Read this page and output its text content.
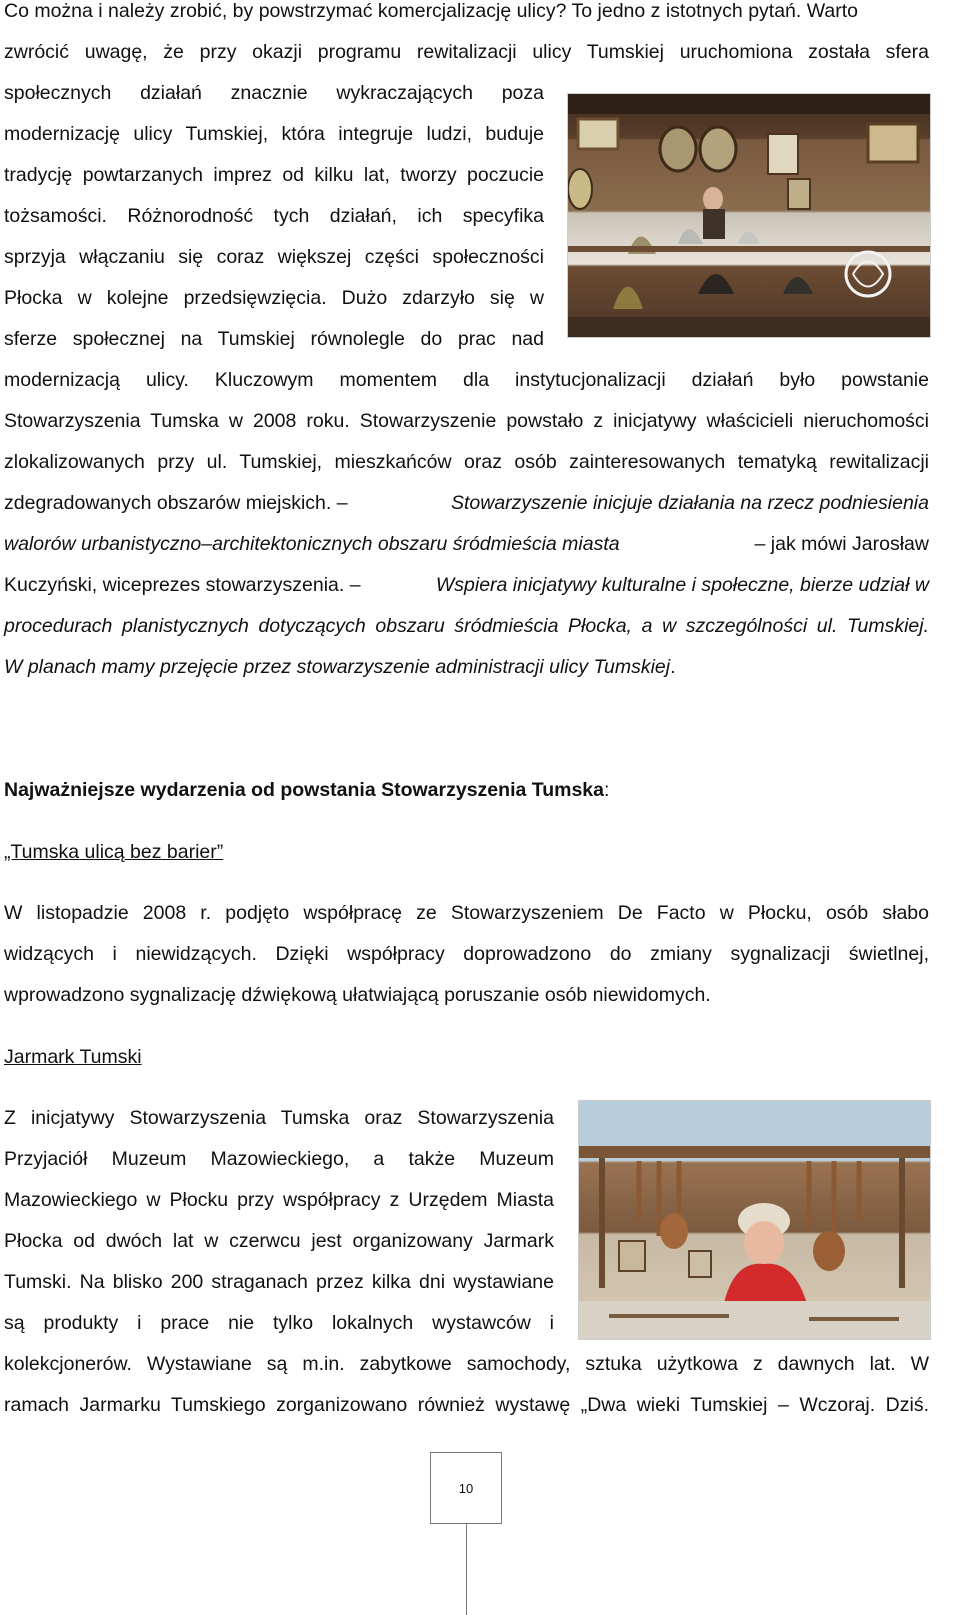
Co można i należy zrobić, by powstrzymać komercjalizację ulicy? To jedno z istotnych pytań. Warto
zwrócić uwagę, że przy okazji programu rewitalizacji ulicy Tumskiej uruchomiona została sfera
społecznych działań znacznie wykraczających poza
modernizację ulicy Tumskiej, która integruje ludzi, buduje
tradycję powtarzanych imprez od kilku lat, tworzy poczucie
tożsamości. Różnorodność tych działań, ich specyfika
sprzyja włączaniu się coraz większej części społeczności
Płocka w kolejne przedsięwzięcia. Dużo zdarzyło się w
sferze społecznej na Tumskiej równolegle do prac nad
modernizacją ulicy. Kluczowym momentem dla instytucjonalizacji działań było powstanie
Stowarzyszenia Tumska w 2008 roku. Stowarzyszenie powstało z inicjatywy właścicieli nieruchomości
zlokalizowanych przy ul. Tumskiej, mieszkańców oraz osób zainteresowanych tematyką rewitalizacji
zdegradowanych obszarów miejskich. –	Stowarzyszenie inicjuje działania na rzecz podniesienia
walorów urbanistyczno–architektonicznych obszaru śródmieścia miasta	– jak mówi Jarosław
Kuczyński, wiceprezes stowarzyszenia. –	Wspiera inicjatywy kulturalne i społeczne, bierze udział w
procedurach planistycznych dotyczących obszaru śródmieścia Płocka, a w szczególności ul. Tumskiej.
W planach mamy przejęcie przez stowarzyszenie administracji ulicy Tumskiej.
Najważniejsze wydarzenia od powstania Stowarzyszenia Tumska:
„Tumska ulicą bez barier”
W listopadzie 2008 r. podjęto współpracę ze Stowarzyszeniem De Facto w Płocku, osób słabo
widzących i niewidzących. Dzięki współpracy doprowadzono do zmiany sygnalizacji świetlnej,
wprowadzono sygnalizację dźwiękową ułatwiającą poruszanie osób niewidomych.
Jarmark Tumski
Z inicjatywy Stowarzyszenia Tumska oraz Stowarzyszenia
Przyjaciół Muzeum Mazowieckiego, a także Muzeum
Mazowieckiego w Płocku przy współpracy z Urzędem Miasta
Płocka od dwóch lat w czerwcu jest organizowany Jarmark
Tumski. Na blisko 200 straganach przez kilka dni wystawiane
są produkty i prace nie tylko lokalnych wystawców i
kolekcjonerów. Wystawiane są m.in. zabytkowe samochody, sztuka użytkowa z dawnych lat. W
ramach Jarmarku Tumskiego zorganizowano również wystawę „Dwa wieki Tumskiej – Wczoraj. Dziś.
10
